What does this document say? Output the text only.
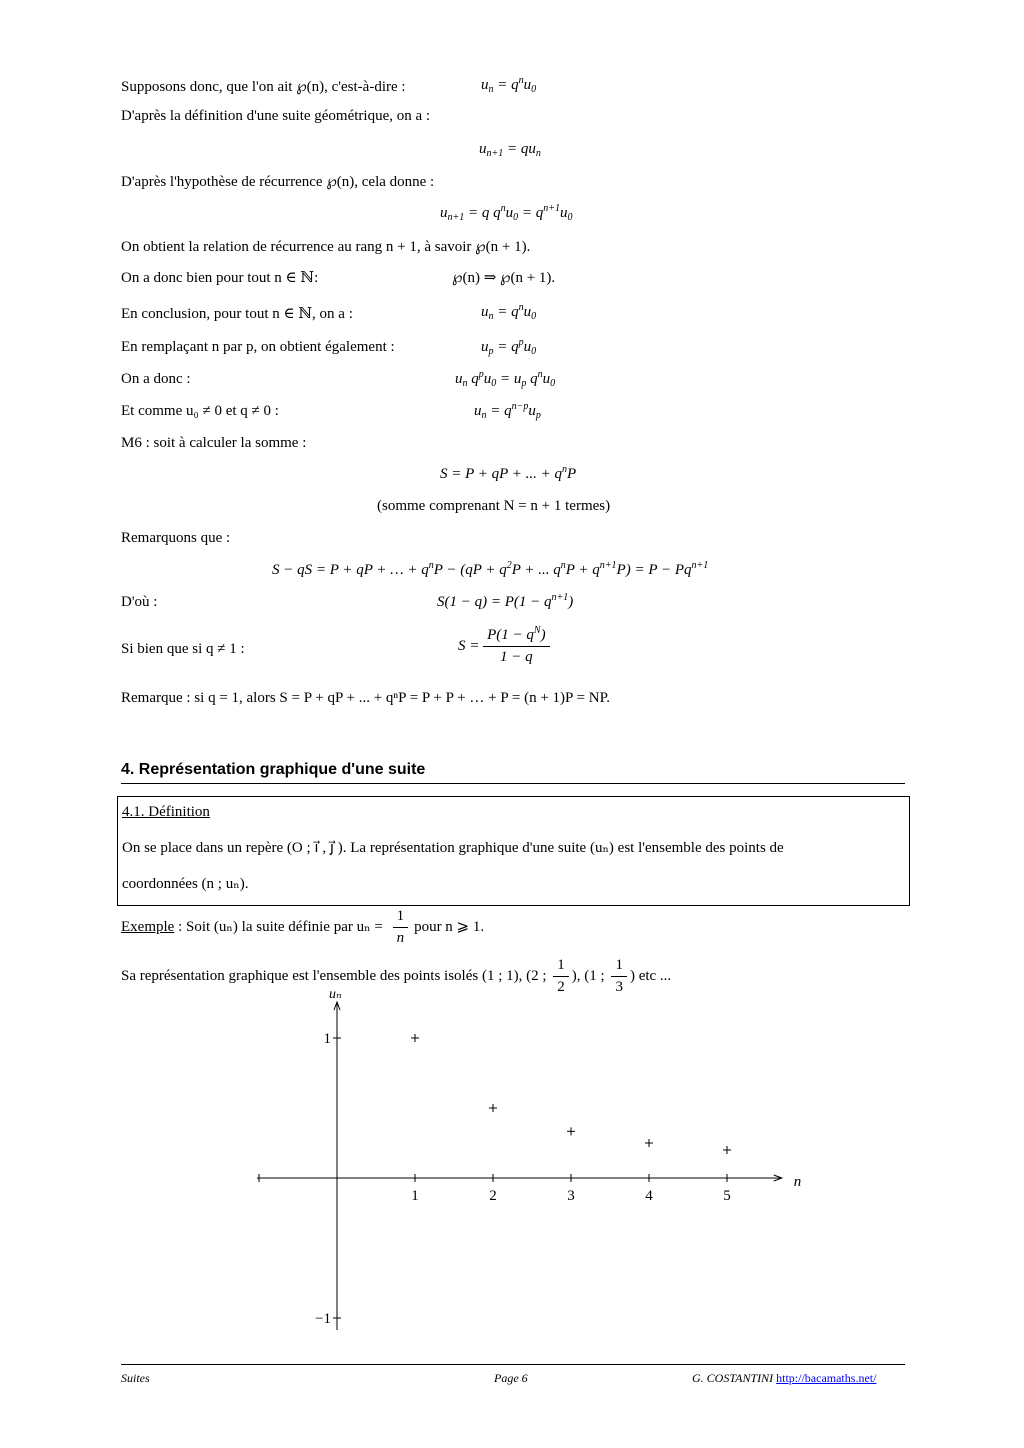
Supposons donc, que l'on ait ℘(n), c'est-à-dire :	$u_n = q^nu_0$
D'après la définition d'une suite géométrique, on a :
$u_{n+1} = qu_n$
D'après l'hypothèse de récurrence ℘(n), cela donne :
$u_{n+1} = q$ $q^nu_0 = q^{n+1}u_0$
On obtient la relation de récurrence au rang n + 1, à savoir ℘(n + 1).
On a donc bien pour tout n ∈ ℕ:	℘(n) ⇒ ℘(n + 1).
En conclusion, pour tout n ∈ ℕ, on a :	$u_n = q^nu_0$
En remplaçant n par p, on obtient également :	$u_p = q^pu_0$
On a donc :	$u_n$ $q^pu_0 = u_p$ $q^nu_0$
Et comme u₀ ≠ 0 et q ≠ 0 :	$u_n = q^{n-p}u_p$
M6 : soit à calculer la somme :
S = P + qP + ... + $q^nP$
(somme comprenant N = n + 1 termes)
Remarquons que :
S − qS = P + qP + … + $q^nP - (qP + q^2P$ + ... $q^nP + q^{n+1}P) = P - Pq^{n+1}$
D'où :	$S(1 - q) = P(1 - q^{n+1})$
Si bien que si q ≠ 1 :	$S = \frac{P(1 - q^N)}{1 - q}$
Remarque : si q = 1, alors S = P + qP + ... + qⁿP = P + P + … + P = (n + 1)P = NP.
4. Représentation graphique d'une suite
4.1. Définition
On se place dans un repère (O ; i⃗ , j⃗ ). La représentation graphique d'une suite (uₙ) est l'ensemble des points de
coordonnées (n ; uₙ).
Exemple : Soit (uₙ) la suite définie par $u_n = \frac{1}{n}$ pour n ⩾ 1.
Sa représentation graphique est l'ensemble des points isolés (1 ; 1), (2 ; $\frac{1}{2}$ ), (1 ; $\frac{1}{3}$ ) etc ...
1	2	3	4	5
1
−1
n
uₙ
Suites	Page 6	G. COSTANTINI http://bacamaths.net/
